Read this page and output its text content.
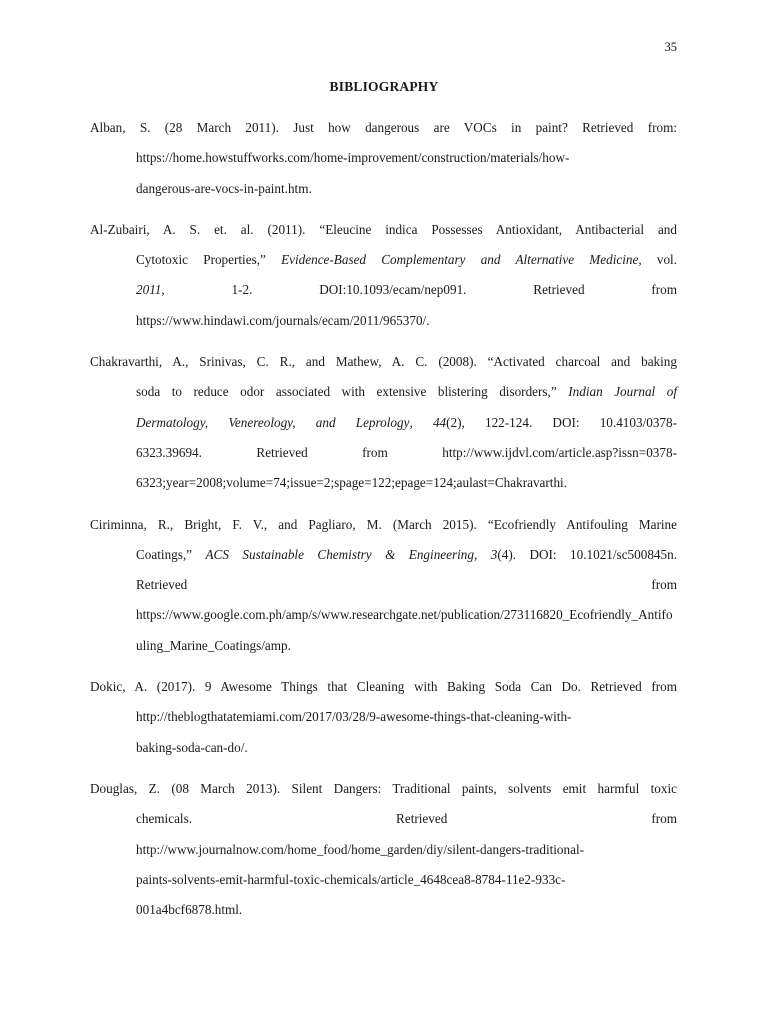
35
BIBLIOGRAPHY

Alban, S. (28 March 2011). Just how dangerous are VOCs in paint? Retrieved from:
https://home.howstuffworks.com/home-improvement/construction/materials/how-
dangerous-are-vocs-in-paint.htm.

Al-Zubairi, A. S. et. al. (2011). “Eleucine indica Possesses Antioxidant, Antibacterial and
Cytotoxic Properties,” Evidence-Based Complementary and Alternative Medicine, vol.
2011, 1-2. DOI:10.1093/ecam/nep091. Retrieved from
https://www.hindawi.com/journals/ecam/2011/965370/.

Chakravarthi, A., Srinivas, C. R., and Mathew, A. C. (2008). “Activated charcoal and baking
soda to reduce odor associated with extensive blistering disorders,” Indian Journal of
Dermatology, Venereology, and Leprology, 44(2), 122-124. DOI: 10.4103/0378-
6323.39694. Retrieved from http://www.ijdvl.com/article.asp?issn=0378-
6323;year=2008;volume=74;issue=2;spage=122;epage=124;aulast=Chakravarthi.

Ciriminna, R., Bright, F. V., and Pagliaro, M. (March 2015). “Ecofriendly Antifouling Marine
Coatings,” ACS Sustainable Chemistry & Engineering, 3(4). DOI: 10.1021/sc500845n.
Retrieved from
https://www.google.com.ph/amp/s/www.researchgate.net/publication/273116820_Ecofriendly_Antifouling_Marine_Coatings/amp.

Dokic, A. (2017). 9 Awesome Things that Cleaning with Baking Soda Can Do. Retrieved from
http://theblogthatatemiami.com/2017/03/28/9-awesome-things-that-cleaning-with-
baking-soda-can-do/.

Douglas, Z. (08 March 2013). Silent Dangers: Traditional paints, solvents emit harmful toxic
chemicals. Retrieved from
http://www.journalnow.com/home_food/home_garden/diy/silent-dangers-traditional-
paints-solvents-emit-harmful-toxic-chemicals/article_4648cea8-8784-11e2-933c-
001a4bcf6878.html.
